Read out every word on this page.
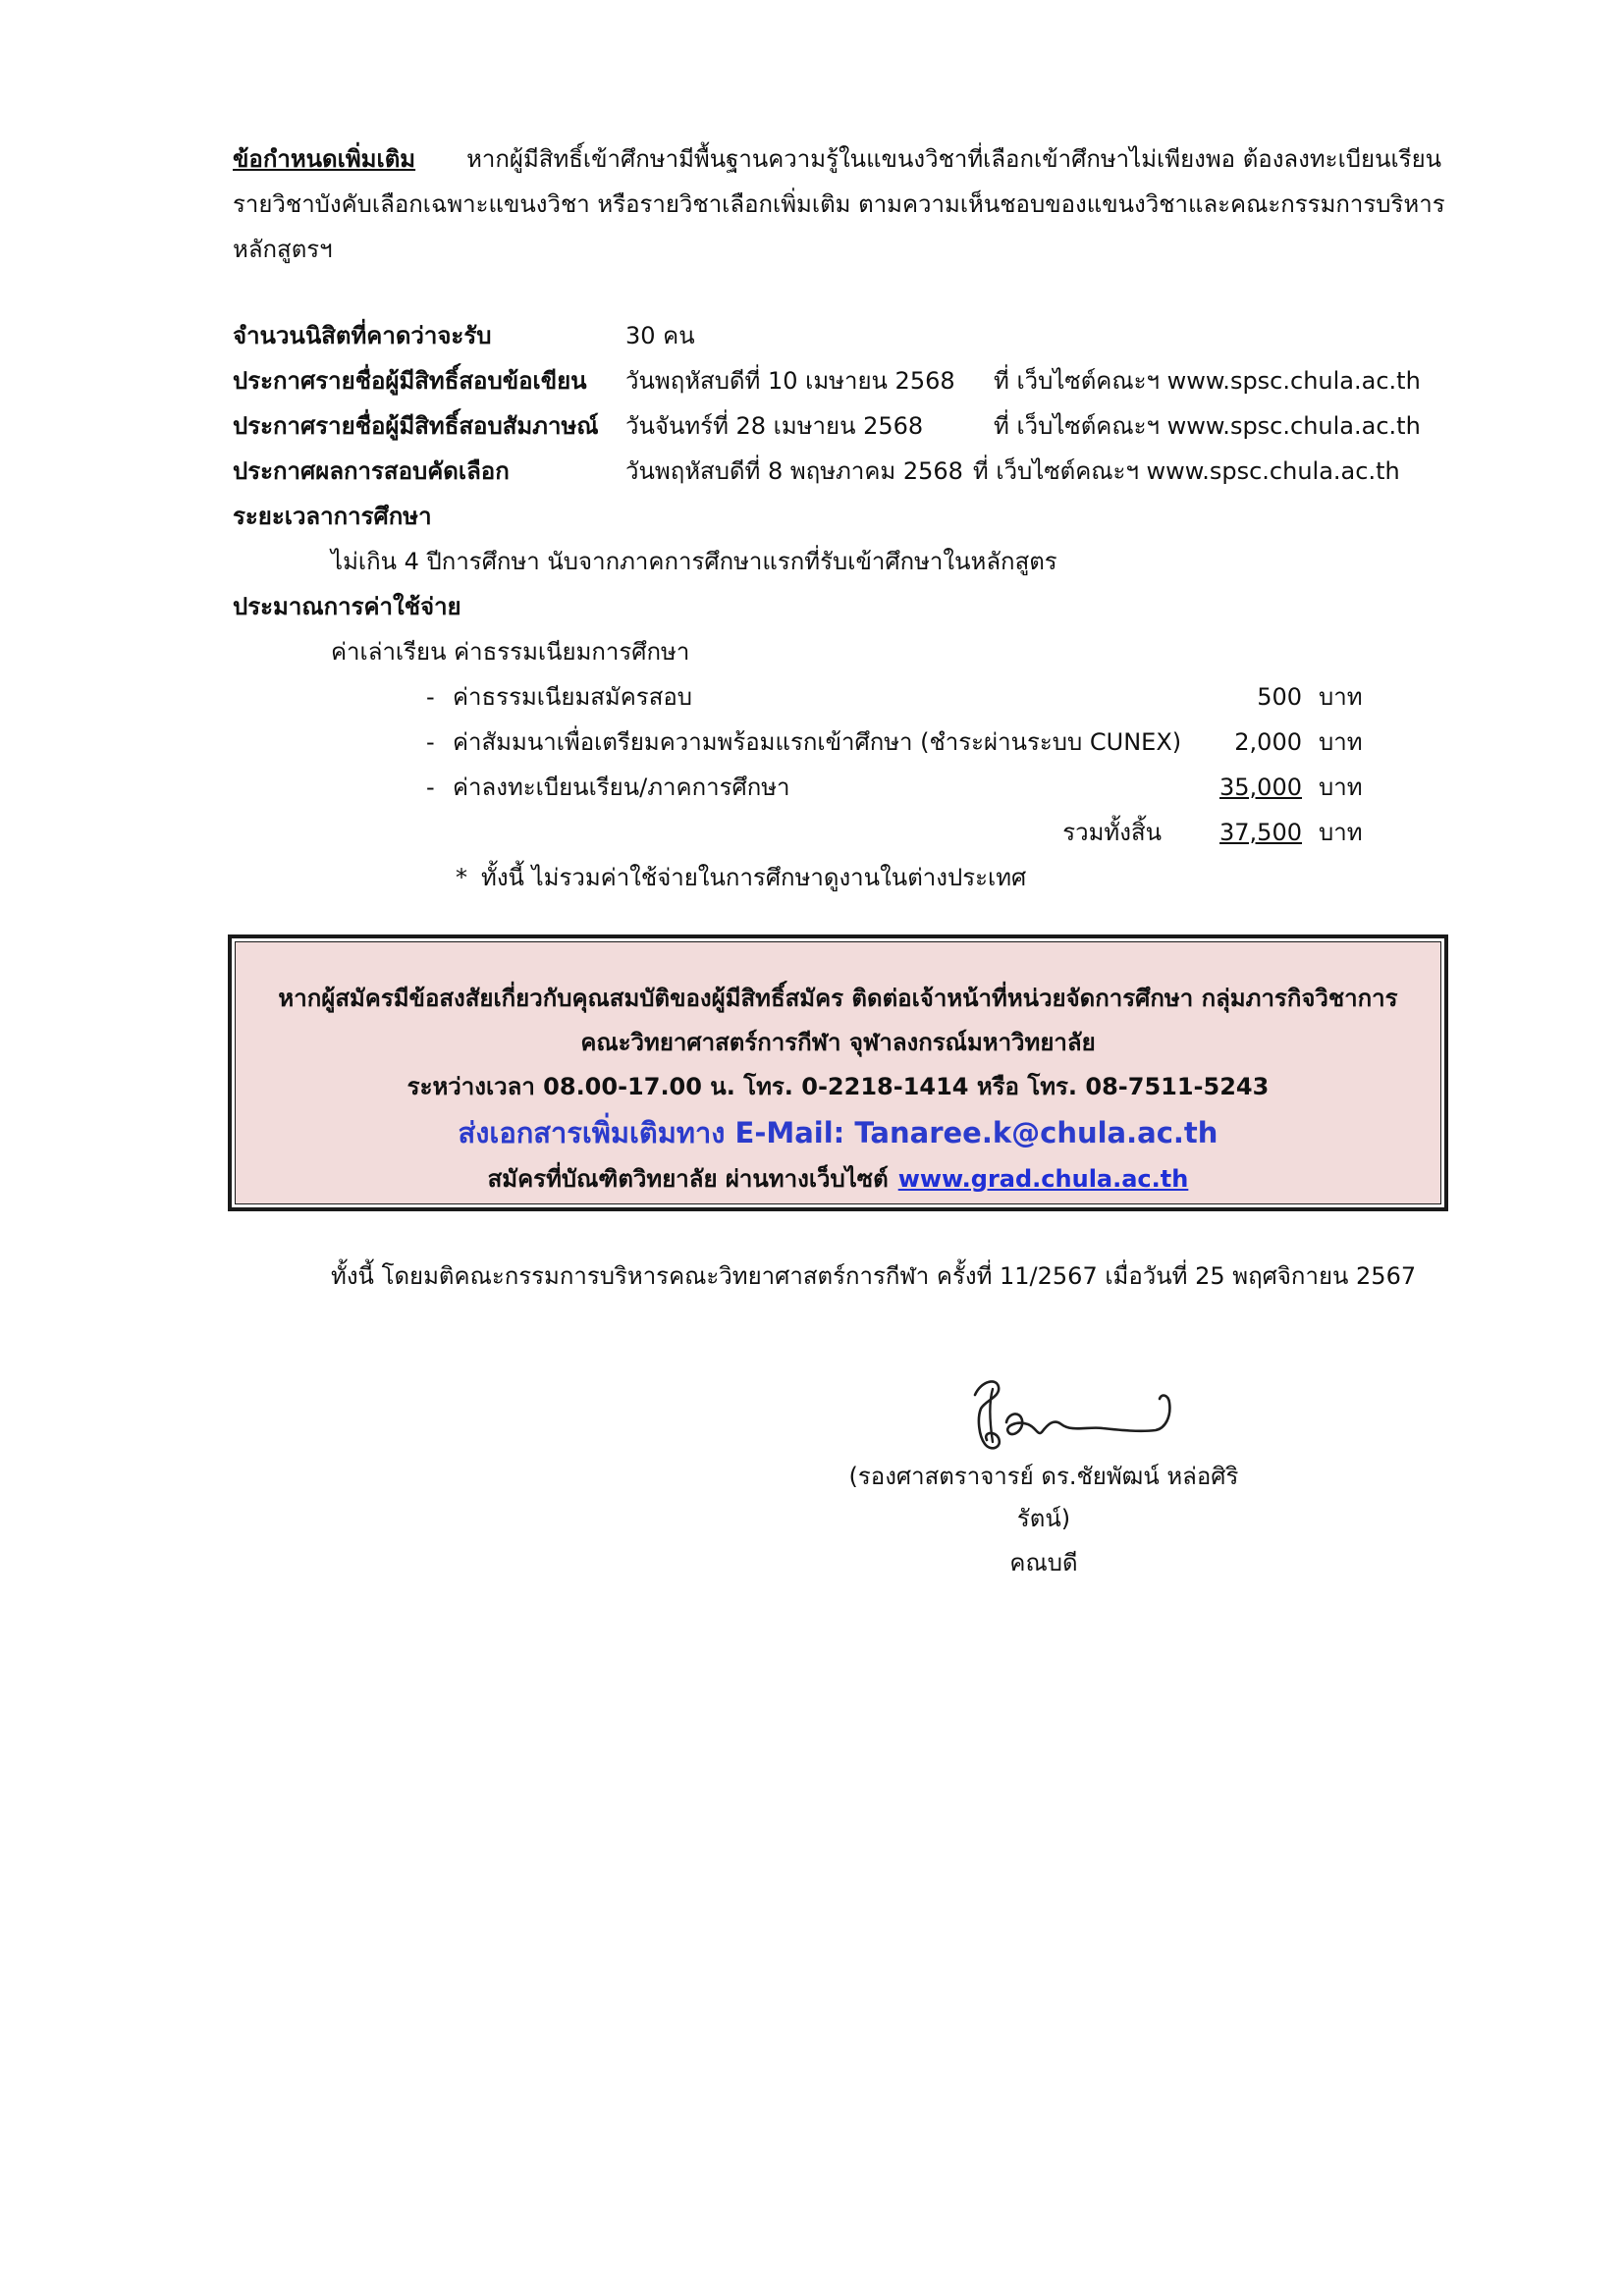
ข้อกำหนดเพิ่มเติม หากผู้มีสิทธิ์เข้าศึกษามีพื้นฐานความรู้ในแขนงวิชาที่เลือกเข้าศึกษาไม่เพียงพอ ต้องลงทะเบียนเรียน
รายวิชาบังคับเลือกเฉพาะแขนงวิชา หรือรายวิชาเลือกเพิ่มเติม ตามความเห็นชอบของแขนงวิชาและคณะกรรมการบริหารหลักสูตรฯ
จำนวนนิสิตที่คาดว่าจะรับ	30 คน
ประกาศรายชื่อผู้มีสิทธิ์สอบข้อเขียน	วันพฤหัสบดีที่ 10 เมษายน 2568	ที่ เว็บไซต์คณะฯ www.spsc.chula.ac.th
ประกาศรายชื่อผู้มีสิทธิ์สอบสัมภาษณ์	วันจันทร์ที่ 28 เมษายน 2568	ที่ เว็บไซต์คณะฯ www.spsc.chula.ac.th
ประกาศผลการสอบคัดเลือก	วันพฤหัสบดีที่ 8 พฤษภาคม 2568 ที่ เว็บไซต์คณะฯ www.spsc.chula.ac.th
ระยะเวลาการศึกษา
ไม่เกิน 4 ปีการศึกษา นับจากภาคการศึกษาแรกที่รับเข้าศึกษาในหลักสูตร
ประมาณการค่าใช้จ่าย
ค่าเล่าเรียน ค่าธรรมเนียมการศึกษา
- ค่าธรรมเนียมสมัครสอบ	500 บาท
- ค่าสัมมนาเพื่อเตรียมความพร้อมแรกเข้าศึกษา (ชำระผ่านระบบ CUNEX)	2,000 บาท
- ค่าลงทะเบียนเรียน/ภาคการศึกษา	35,000 บาท
รวมทั้งสิ้น	37,500 บาท
* ทั้งนี้ ไม่รวมค่าใช้จ่ายในการศึกษาดูงานในต่างประเทศ
หากผู้สมัครมีข้อสงสัยเกี่ยวกับคุณสมบัติของผู้มีสิทธิ์สมัคร ติดต่อเจ้าหน้าที่หน่วยจัดการศึกษา กลุ่มภารกิจวิชาการ
คณะวิทยาศาสตร์การกีฬา จุฬาลงกรณ์มหาวิทยาลัย
ระหว่างเวลา 08.00-17.00 น. โทร. 0-2218-1414 หรือ โทร. 08-7511-5243
ส่งเอกสารเพิ่มเติมทาง E-Mail: Tanaree.k@chula.ac.th
สมัครที่บัณฑิตวิทยาลัย ผ่านทางเว็บไซต์ www.grad.chula.ac.th
ทั้งนี้ โดยมติคณะกรรมการบริหารคณะวิทยาศาสตร์การกีฬา ครั้งที่ 11/2567 เมื่อวันที่ 25 พฤศจิกายน 2567
(รองศาสตราจารย์ ดร.ชัยพัฒน์ หล่อศิริรัตน์)
คณบดี
